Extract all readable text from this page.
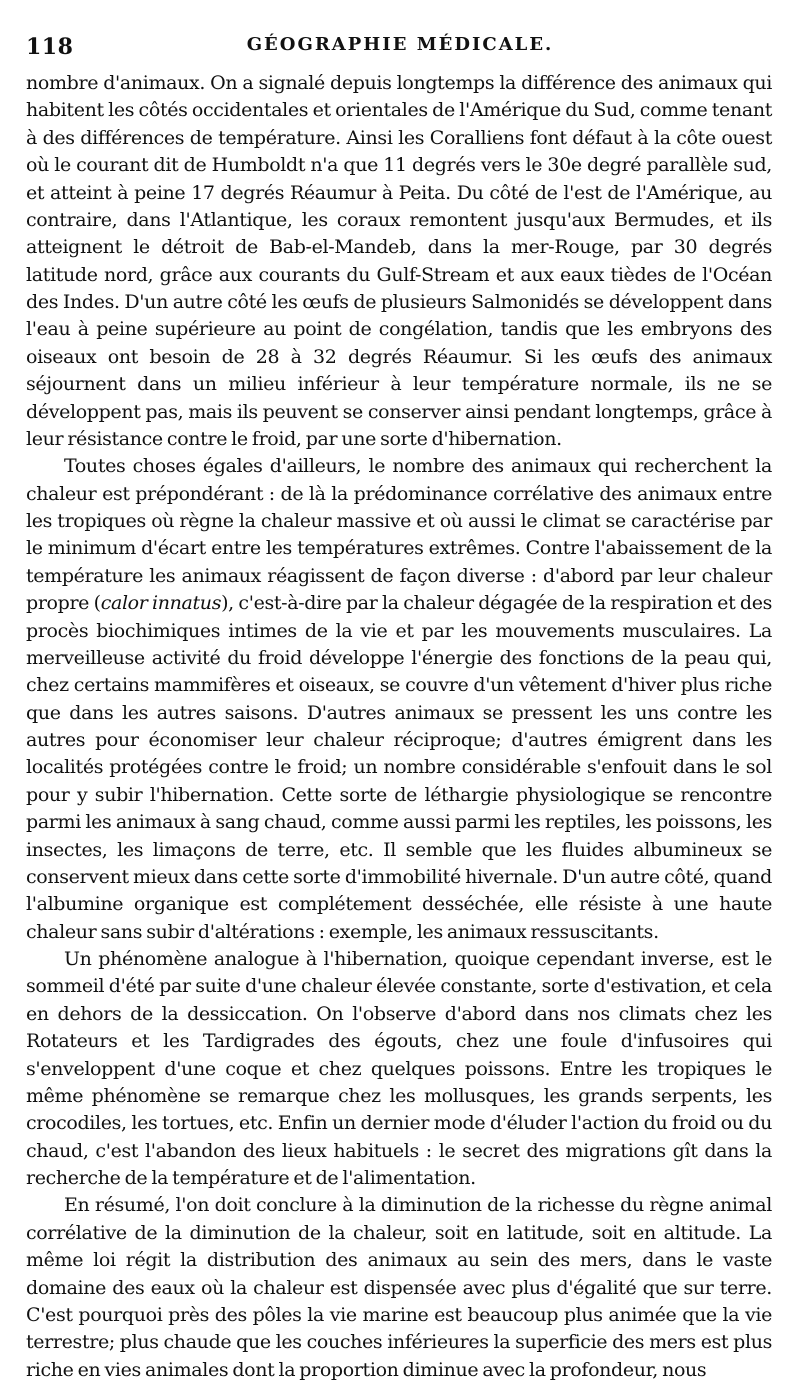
118	GÉOGRAPHIE MÉDICALE.

nombre d'animaux. On a signalé depuis longtemps la différence des animaux qui habitent les côtés occidentales et orientales de l'Amérique du Sud, comme tenant à des différences de température. Ainsi les Coralliens font défaut à la côte ouest où le courant dit de Humboldt n'a que 11 degrés vers le 30e degré parallèle sud, et atteint à peine 17 degrés Réaumur à Peita. Du côté de l'est de l'Amérique, au contraire, dans l'Atlantique, les coraux remontent jusqu'aux Bermudes, et ils atteignent le détroit de Bab-el-Mandeb, dans la mer-Rouge, par 30 degrés latitude nord, grâce aux courants du Gulf-Stream et aux eaux tièdes de l'Océan des Indes. D'un autre côté les œufs de plusieurs Salmonidés se développent dans l'eau à peine supérieure au point de congélation, tandis que les embryons des oiseaux ont besoin de 28 à 32 degrés Réaumur. Si les œufs des animaux séjournent dans un milieu inférieur à leur température normale, ils ne se développent pas, mais ils peuvent se conserver ainsi pendant longtemps, grâce à leur résistance contre le froid, par une sorte d'hibernation.

Toutes choses égales d'ailleurs, le nombre des animaux qui recherchent la chaleur est prépondérant : de là la prédominance corrélative des animaux entre les tropiques où règne la chaleur massive et où aussi le climat se caractérise par le minimum d'écart entre les températures extrêmes. Contre l'abaissement de la température les animaux réagissent de façon diverse : d'abord par leur chaleur propre (calor innatus), c'est-à-dire par la chaleur dégagée de la respiration et des procès biochimiques intimes de la vie et par les mouvements musculaires. La merveilleuse activité du froid développe l'énergie des fonctions de la peau qui, chez certains mammifères et oiseaux, se couvre d'un vêtement d'hiver plus riche que dans les autres saisons. D'autres animaux se pressent les uns contre les autres pour économiser leur chaleur réciproque; d'autres émigrent dans les localités protégées contre le froid; un nombre considérable s'enfouit dans le sol pour y subir l'hibernation. Cette sorte de léthargie physiologique se rencontre parmi les animaux à sang chaud, comme aussi parmi les reptiles, les poissons, les insectes, les limaçons de terre, etc. Il semble que les fluides albumineux se conservent mieux dans cette sorte d'immobilité hivernale. D'un autre côté, quand l'albumine organique est complétement desséchée, elle résiste à une haute chaleur sans subir d'altérations : exemple, les animaux ressuscitants.

Un phénomène analogue à l'hibernation, quoique cependant inverse, est le sommeil d'été par suite d'une chaleur élevée constante, sorte d'estivation, et cela en dehors de la dessiccation. On l'observe d'abord dans nos climats chez les Rotateurs et les Tardigrades des égouts, chez une foule d'infusoires qui s'enveloppent d'une coque et chez quelques poissons. Entre les tropiques le même phénomène se remarque chez les mollusques, les grands serpents, les crocodiles, les tortues, etc. Enfin un dernier mode d'éluder l'action du froid ou du chaud, c'est l'abandon des lieux habituels : le secret des migrations gît dans la recherche de la température et de l'alimentation.

En résumé, l'on doit conclure à la diminution de la richesse du règne animal corrélative de la diminution de la chaleur, soit en latitude, soit en altitude. La même loi régit la distribution des animaux au sein des mers, dans le vaste domaine des eaux où la chaleur est dispensée avec plus d'égalité que sur terre. C'est pourquoi près des pôles la vie marine est beaucoup plus animée que la vie terrestre; plus chaude que les couches inférieures la superficie des mers est plus riche en vies animales dont la proportion diminue avec la profondeur, nous
